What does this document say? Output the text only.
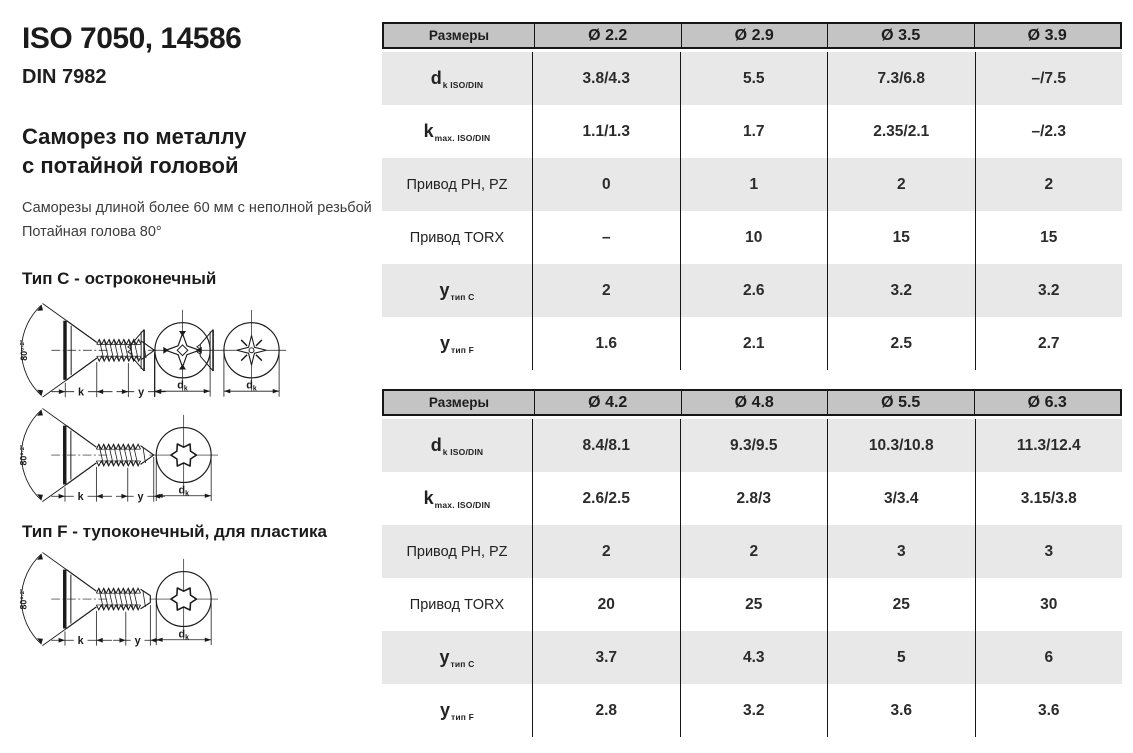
ISO 7050, 14586
DIN 7982
Саморез по металлу
с потайной головой
Саморезы длиной более 60 мм с неполной резьбой
Потайная голова 80°
Тип C - остроконечный
Тип F - тупоконечный, для пластика
Размеры	Ø 2.2	Ø 2.9	Ø 3.5	Ø 3.9
d k ISO/DIN	3.8/4.3	5.5	7.3/6.8	–/7.5
k max. ISO/DIN	1.1/1.3	1.7	2.35/2.1	–/2.3
Привод PH, PZ	0	1	2	2
Привод TORX	–	10	15	15
y тип C	2	2.6	3.2	3.2
y тип F	1.6	2.1	2.5	2.7
Размеры	Ø 4.2	Ø 4.8	Ø 5.5	Ø 6.3
d k ISO/DIN	8.4/8.1	9.3/9.5	10.3/10.8	11.3/12.4
k max. ISO/DIN	2.6/2.5	2.8/3	3/3.4	3.15/3.8
Привод PH, PZ	2	2	3	3
Привод TORX	20	25	25	30
y тип C	3.7	4.3	5	6
y тип F	2.8	3.2	3.6	3.6
